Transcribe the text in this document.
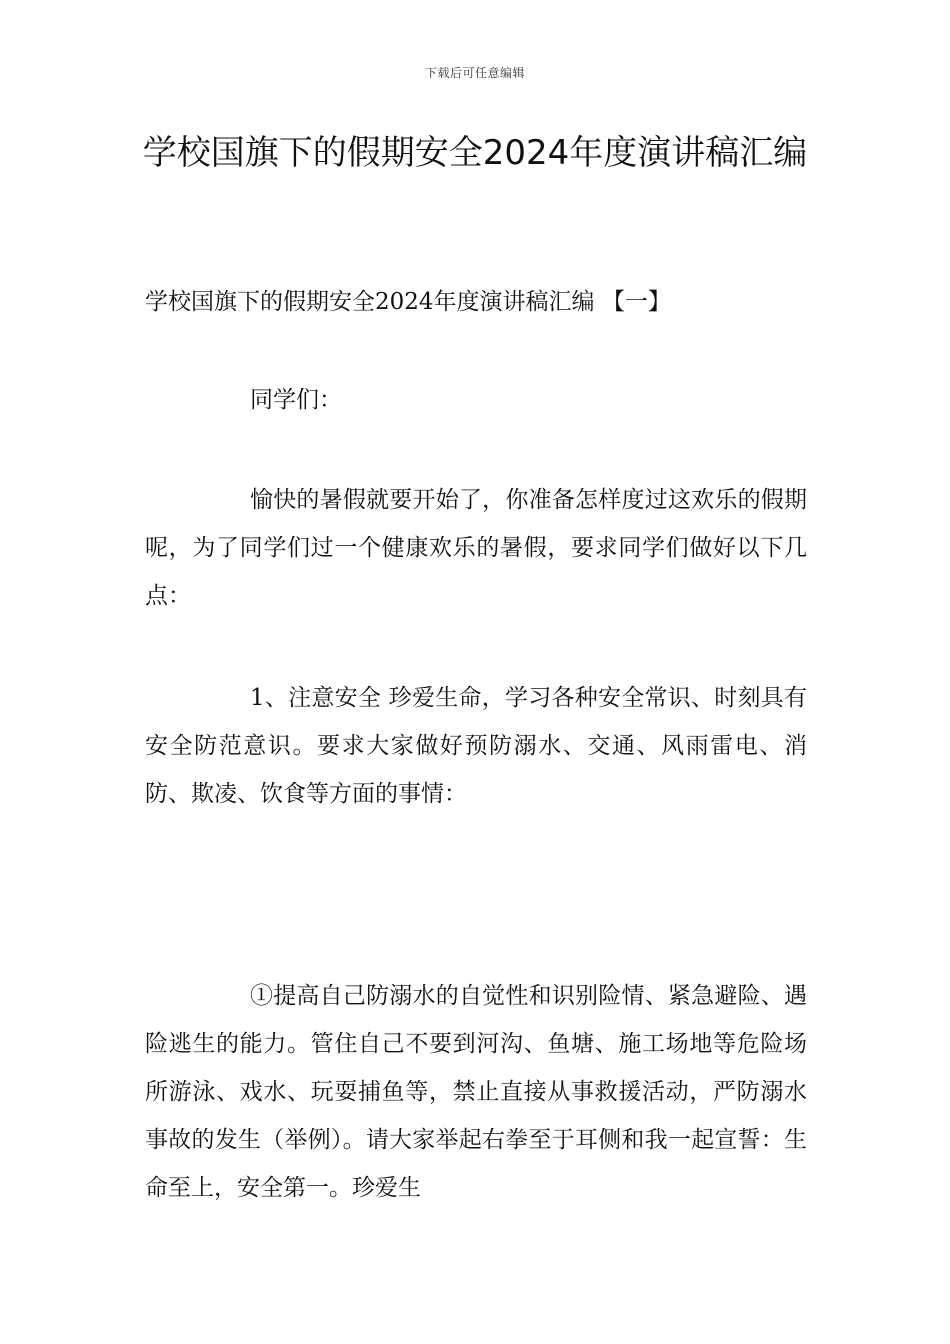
下载后可任意编辑
学校国旗下的假期安全2024年度演讲稿汇编
学校国旗下的假期安全2024年度演讲稿汇编 【一】

同学们：

愉快的暑假就要开始了，你准备怎样度过这欢乐的假期呢，为了同学们过一个健康欢乐的暑假，要求同学们做好以下几点：

1、注意安全 珍爱生命，学习各种安全常识、时刻具有安全防范意识。要求大家做好预防溺水、交通、风雨雷电、消防、欺凌、饮食等方面的事情：

①提高自己防溺水的自觉性和识别险情、紧急避险、遇险逃生的能力。管住自己不要到河沟、鱼塘、施工场地等危险场所游泳、戏水、玩耍捕鱼等，禁止直接从事救援活动，严防溺水事故的发生（举例）。请大家举起右拳至于耳侧和我一起宣誓：生命至上，安全第一。珍爱生
